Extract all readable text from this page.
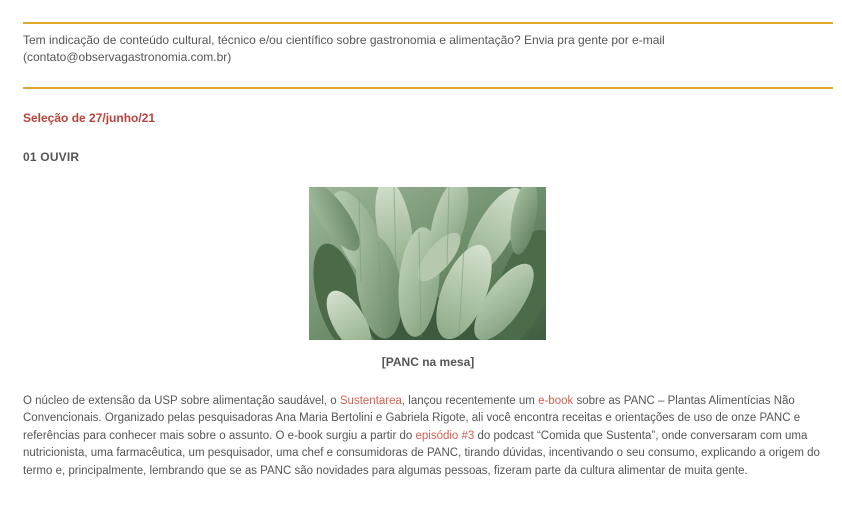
Tem indicação de conteúdo cultural, técnico e/ou científico sobre gastronomia e alimentação? Envia pra gente por e-mail
(contato@observagastronomia.com.br)
Seleção de 27/junho/21
01 OUVIR
[PANC na mesa]

O núcleo de extensão da USP sobre alimentação saudável, o Sustentarea, lançou recentemente um e-book sobre as PANC – Plantas Alimentícias Não Convencionais. Organizado pelas pesquisadoras Ana Maria Bertolini e Gabriela Rigote, ali você encontra receitas e orientações de uso de onze PANC e referências para conhecer mais sobre o assunto. O e-book surgiu a partir do episódio #3 do podcast “Comida que Sustenta”, onde conversaram com uma nutricionista, uma farmacêutica, um pesquisador, uma chef e consumidoras de PANC, tirando dúvidas, incentivando o seu consumo, explicando a origem do termo e, principalmente, lembrando que se as PANC são novidades para algumas pessoas, fizeram parte da cultura alimentar de muita gente.
